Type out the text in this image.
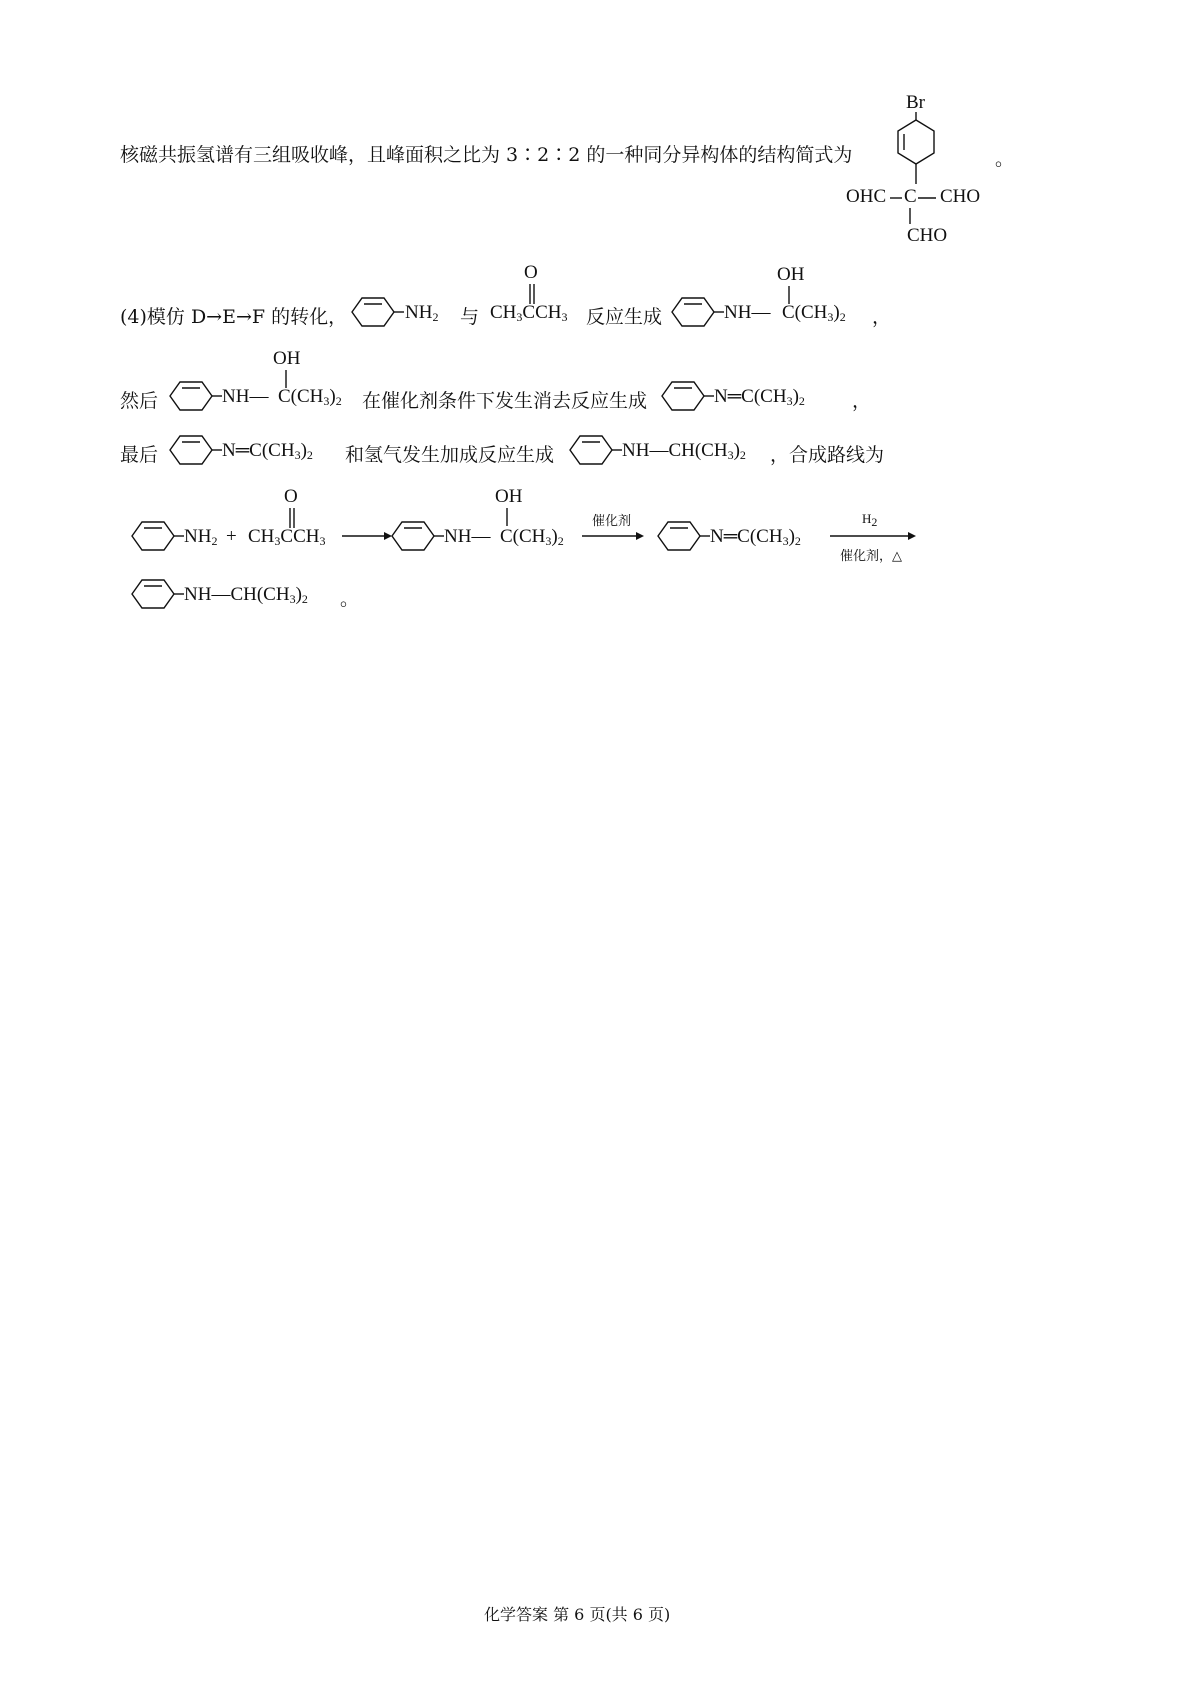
核磁共振氢谱有三组吸收峰，且峰面积之比为 3∶2∶2 的一种同分异构体的结构简式为
Br
OHC C CHO
CHO
。
(4)模仿 D→E→F 的转化，	$NH_2$ 与
O
$CH_3CCH_3$ 反应生成	NH—
OH
$C(CH_3)_2$ ，
然后	NH—
OH
$C(CH_3)_2$ 在催化剂条件下发生消去反应生成	$N═C(CH_3)_2$ ，
最后	$N═C(CH_3)_2$ 和氢气发生加成反应生成	$NH—CH(CH_3)_2$ ，合成路线为
$NH_2$ +
O
$CH_3CCH_3$	NH—
OH
$C(CH_3)_2$
催化剂
$N═C(CH_3)_2$
$H_2$
催化剂，△
$NH—CH(CH_3)_2$ 。
化学答案 第 6 页(共 6 页)
